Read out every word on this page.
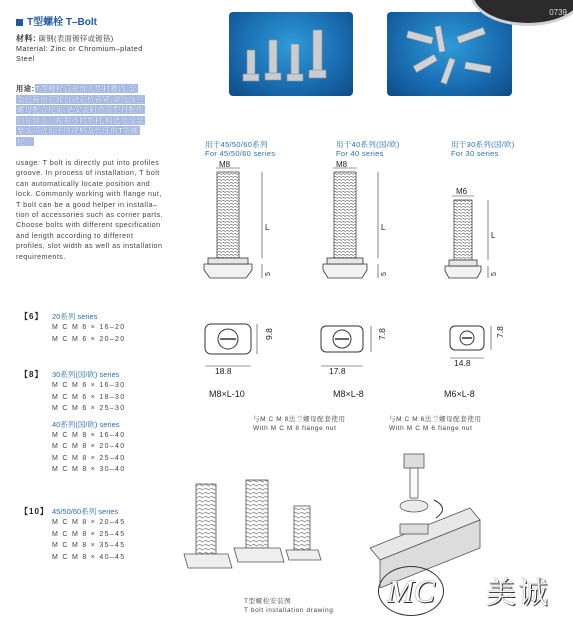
T型螺栓 T–Bolt
材料: 碳钢(表面镀锌或镀铬)
Material: Zinc or Chromium–plated
Steel
用途:T型螺栓直接放入型材槽内,安
装过程中它能自动定位锁紧,常与法兰
螺母配合使用,是安装附件等型材配件
的好帮手。根据不同型材,精选及安装
要求可选用不同规格及长度的T型螺
栓。
usage: T bolt is directly put into profiles
groove. In process of installation, T bolt
can automatically locate position and
lock. Commonly working with flange nut,
T bolt can be a good helper in installa–
tion of accessories such as corner parts.
Choose bolts with different specification
and length according to different
profiles, slot width as well as installation
requirements.
用于45/50/60系列
For 45/50/60 series
用于40系列(国/欧)
For 40 series
用于30系列(国/欧)
For 30 series
M8
L
5
M8
L
5
M6
L
5
18.8
9.8
17.8
7.8
14.8
7.8
M8×L-10	M8×L-8	M6×L-8
与M C M 8法兰螺母配套使用
With M C M 8 flange nut
与M C M 6法兰螺母配套使用
With M C M 6 flange nut
【6】 20系列 series
M C M 6 × 16–20
M C M 6 × 20–20
【8】 30系列(国/欧) series
M C M 6 × 16–30
M C M 6 × 18–30
M C M 6 × 25–30
40系列(国/欧) series
M C M 8 × 16–40
M C M 8 × 20–40
M C M 8 × 25–40
M C M 8 × 30–40
【10】 45/50/60系列 series
M C M 8 × 20–45
M C M 8 × 25–45
M C M 8 × 35–45
M C M 8 × 40–45
T型螺栓安装图
T bolt installation drawing
MC	美诚
0739
